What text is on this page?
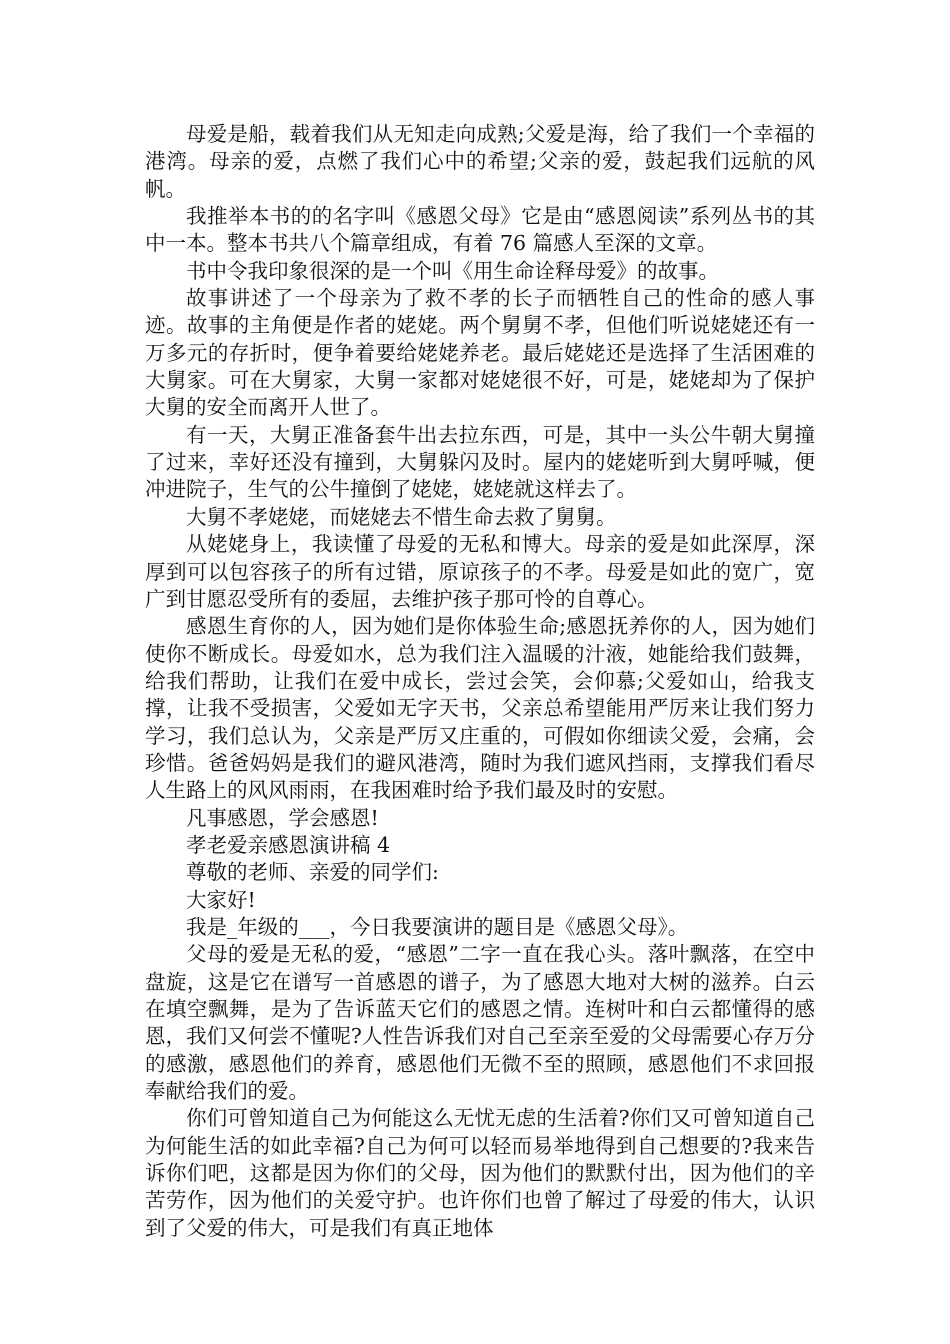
母爱是船，载着我们从无知走向成熟;父爱是海，给了我们一个幸福的港湾。母亲的爱，点燃了我们心中的希望;父亲的爱，鼓起我们远航的风帆。

我推举本书的的名字叫《感恩父母》它是由“感恩阅读”系列丛书的其中一本。整本书共八个篇章组成，有着 76 篇感人至深的文章。

书中令我印象很深的是一个叫《用生命诠释母爱》的故事。

故事讲述了一个母亲为了救不孝的长子而牺牲自己的性命的感人事迹。故事的主角便是作者的姥姥。两个舅舅不孝，但他们听说姥姥还有一万多元的存折时，便争着要给姥姥养老。最后姥姥还是选择了生活困难的大舅家。可在大舅家，大舅一家都对姥姥很不好，可是，姥姥却为了保护大舅的安全而离开人世了。

有一天，大舅正准备套牛出去拉东西，可是，其中一头公牛朝大舅撞了过来，幸好还没有撞到，大舅躲闪及时。屋内的姥姥听到大舅呼喊，便冲进院子，生气的公牛撞倒了姥姥，姥姥就这样去了。

大舅不孝姥姥，而姥姥去不惜生命去救了舅舅。

从姥姥身上，我读懂了母爱的无私和博大。母亲的爱是如此深厚，深厚到可以包容孩子的所有过错，原谅孩子的不孝。母爱是如此的宽广，宽广到甘愿忍受所有的委屈，去维护孩子那可怜的自尊心。

感恩生育你的人，因为她们是你体验生命;感恩抚养你的人，因为她们使你不断成长。母爱如水，总为我们注入温暖的汁液，她能给我们鼓舞，给我们帮助，让我们在爱中成长，尝过会笑，会仰慕;父爱如山，给我支撑，让我不受损害，父爱如无字天书，父亲总希望能用严厉来让我们努力学习，我们总认为，父亲是严厉又庄重的，可假如你细读父爱，会痛，会珍惜。爸爸妈妈是我们的避风港湾，随时为我们遮风挡雨，支撑我们看尽人生路上的风风雨雨，在我困难时给予我们最及时的安慰。

凡事感恩，学会感恩!

孝老爱亲感恩演讲稿 4

尊敬的老师、亲爱的同学们:

大家好!

我是_年级的___，今日我要演讲的题目是《感恩父母》。

父母的爱是无私的爱，“感恩”二字一直在我心头。落叶飘落，在空中盘旋，这是它在谱写一首感恩的谱子，为了感恩大地对大树的滋养。白云在填空飘舞，是为了告诉蓝天它们的感恩之情。连树叶和白云都懂得的感恩，我们又何尝不懂呢?人性告诉我们对自己至亲至爱的父母需要心存万分的感激，感恩他们的养育，感恩他们无微不至的照顾，感恩他们不求回报奉献给我们的爱。

你们可曾知道自己为何能这么无忧无虑的生活着?你们又可曾知道自己为何能生活的如此幸福?自己为何可以轻而易举地得到自己想要的?我来告诉你们吧，这都是因为你们的父母，因为他们的默默付出，因为他们的辛苦劳作，因为他们的关爱守护。也许你们也曾了解过了母爱的伟大，认识到了父爱的伟大，可是我们有真正地体
